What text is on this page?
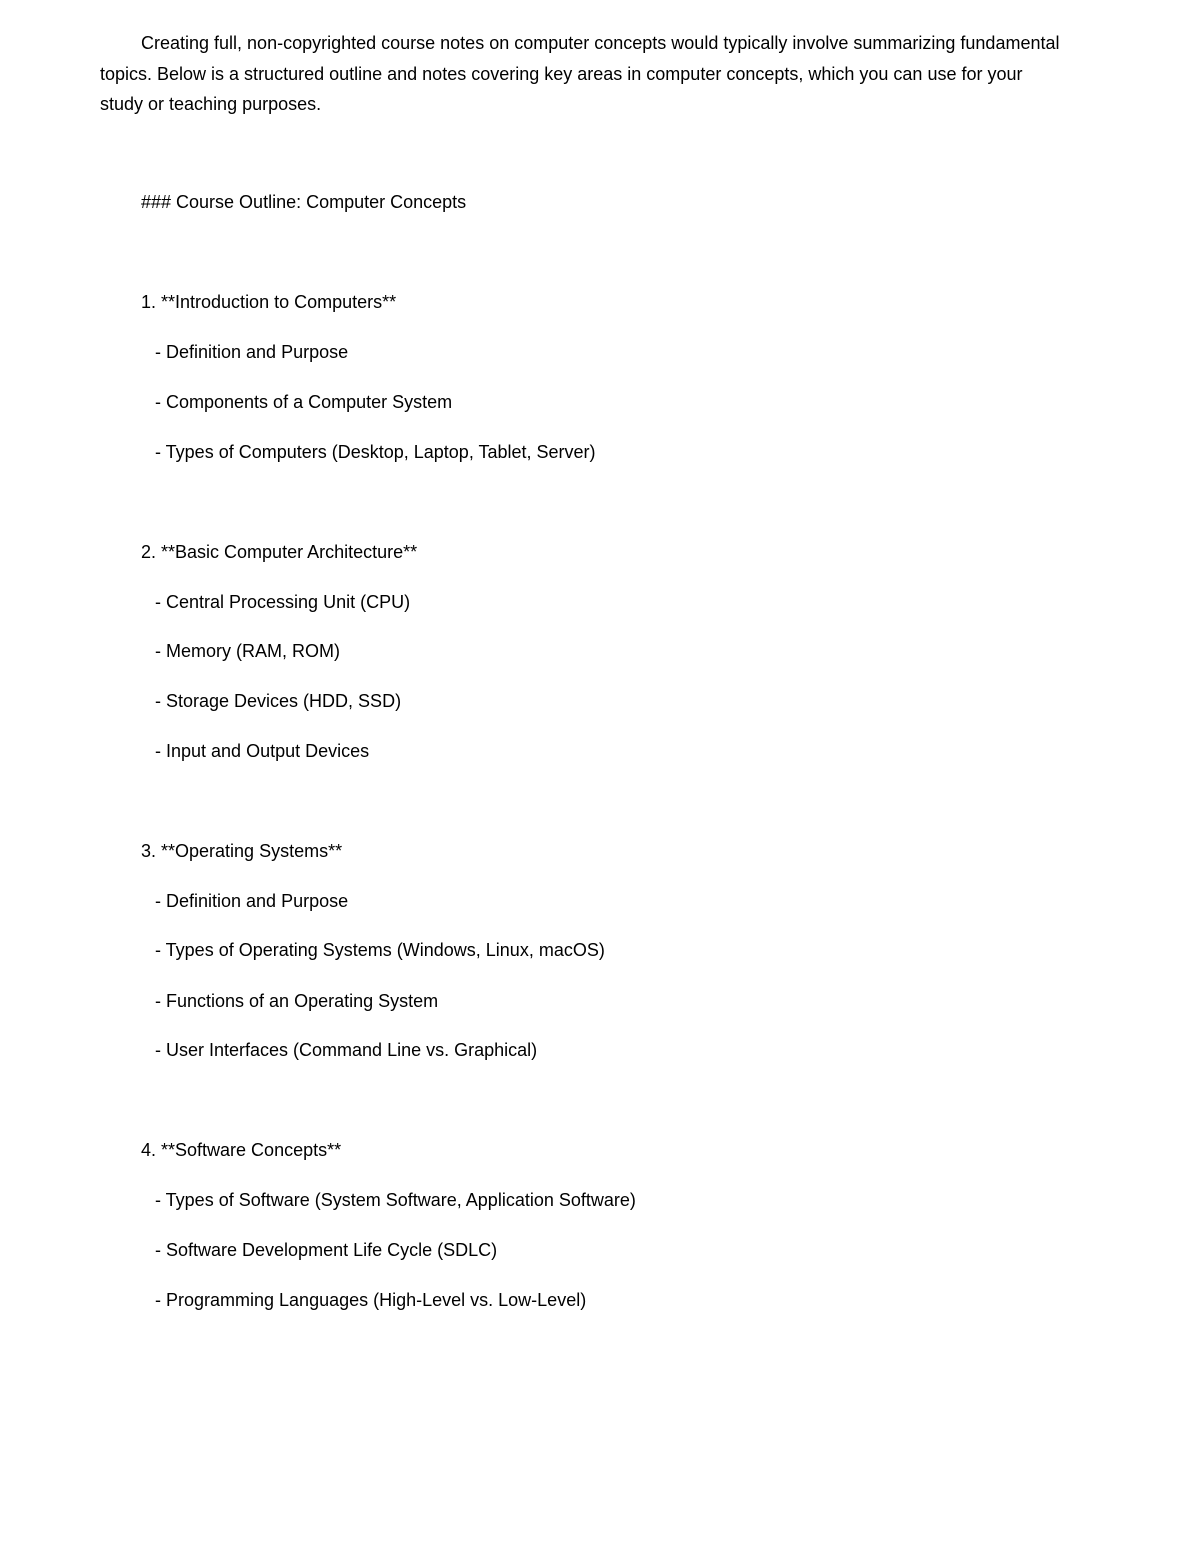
Creating full, non-copyrighted course notes on computer concepts would typically involve summarizing fundamental topics. Below is a structured outline and notes covering key areas in computer concepts, which you can use for your study or teaching purposes.

### Course Outline: Computer Concepts

1. **Introduction to Computers**

- Definition and Purpose

- Components of a Computer System

- Types of Computers (Desktop, Laptop, Tablet, Server)

2. **Basic Computer Architecture**

- Central Processing Unit (CPU)

- Memory (RAM, ROM)

- Storage Devices (HDD, SSD)

- Input and Output Devices

3. **Operating Systems**

- Definition and Purpose

- Types of Operating Systems (Windows, Linux, macOS)

- Functions of an Operating System

- User Interfaces (Command Line vs. Graphical)

4. **Software Concepts**

- Types of Software (System Software, Application Software)

- Software Development Life Cycle (SDLC)

- Programming Languages (High-Level vs. Low-Level)
